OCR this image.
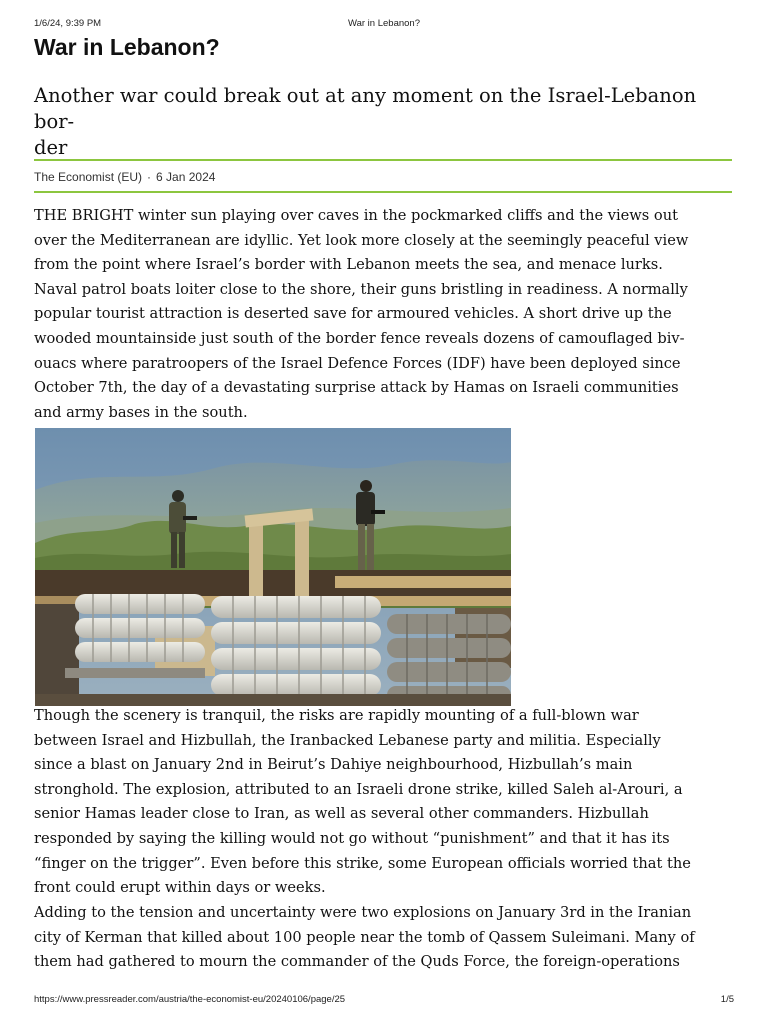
1/6/24, 9:39 PM	War in Lebanon?
War in Lebanon?
Another war could break out at any moment on the Israel-Lebanon bor-
der
The Economist (EU) · 6 Jan 2024

THE BRIGHT winter sun playing over caves in the pockmarked cliffs and the views out
over the Mediterranean are idyllic. Yet look more closely at the seemingly peaceful view
from the point where Israel’s border with Lebanon meets the sea, and menace lurks.
Naval patrol boats loiter close to the shore, their guns bristling in readiness. A normally
popular tourist attraction is deserted save for armoured vehicles. A short drive up the
wooded mountainside just south of the border fence reveals dozens of camouflaged biv-
ouacs where paratroopers of the Israel Defence Forces (IDF) have been deployed since
October 7th, the day of a devastating surprise attack by Hamas on Israeli communities
and army bases in the south.

Though the scenery is tranquil, the risks are rapidly mounting of a full-blown war
between Israel and Hizbullah, the Iranbacked Lebanese party and militia. Especially
since a blast on January 2nd in Beirut’s Dahiye neighbourhood, Hizbullah’s main
stronghold. The explosion, attributed to an Israeli drone strike, killed Saleh al-Arouri, a
senior Hamas leader close to Iran, as well as several other commanders. Hizbullah
responded by saying the killing would not go without “punishment” and that it has its
“finger on the trigger”. Even before this strike, some European officials worried that the
front could erupt within days or weeks.

Adding to the tension and uncertainty were two explosions on January 3rd in the Iranian
city of Kerman that killed about 100 people near the tomb of Qassem Suleimani. Many of
them had gathered to mourn the commander of the Quds Force, the foreign-operations

https://www.pressreader.com/austria/the-economist-eu/20240106/page/25	1/5
